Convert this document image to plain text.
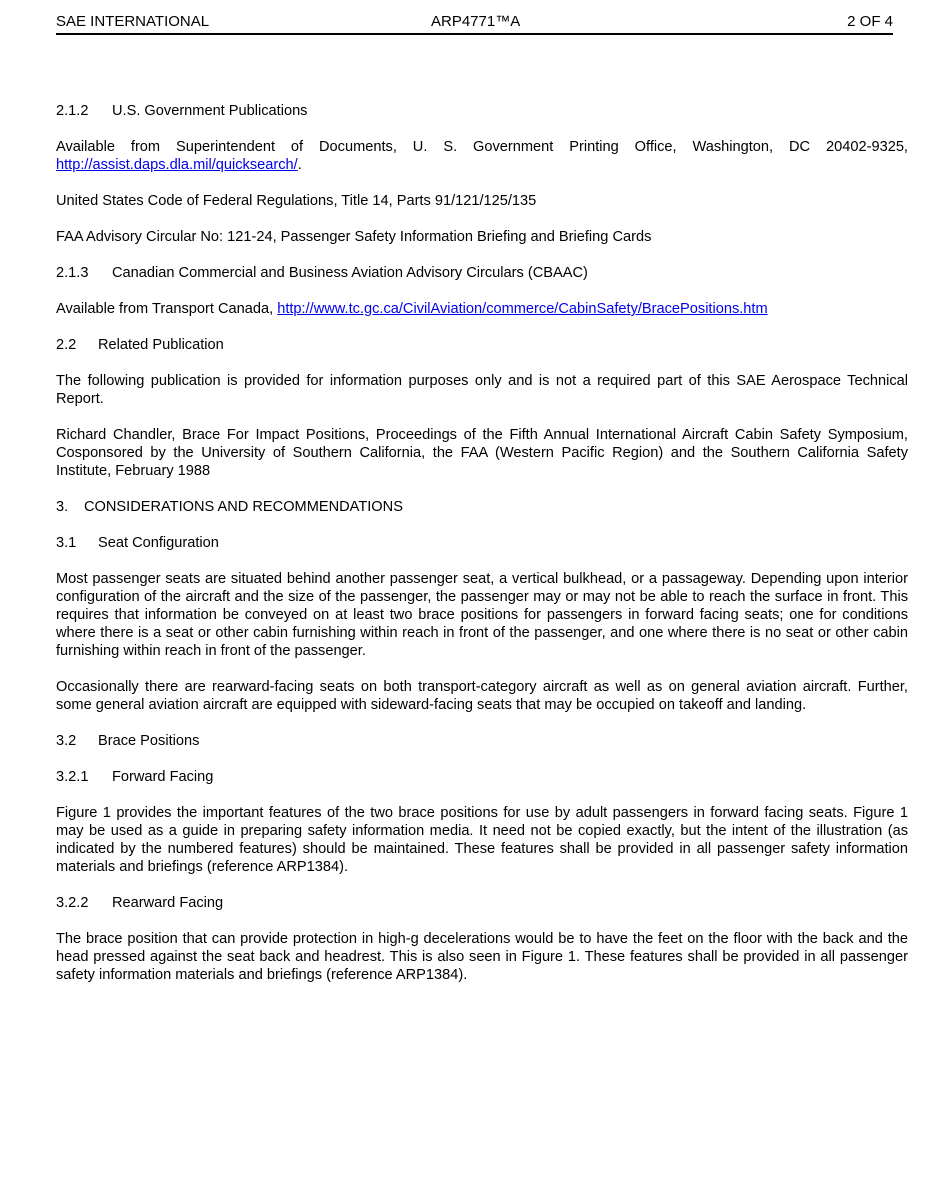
SAE INTERNATIONAL	ARP4771™A	2 OF 4

2.1.2 U.S. Government Publications

Available from Superintendent of Documents, U. S. Government Printing Office, Washington, DC 20402-9325, http://assist.daps.dla.mil/quicksearch/.

United States Code of Federal Regulations, Title 14, Parts 91/121/125/135

FAA Advisory Circular No: 121-24, Passenger Safety Information Briefing and Briefing Cards

2.1.3 Canadian Commercial and Business Aviation Advisory Circulars (CBAAC)

Available from Transport Canada, http://www.tc.gc.ca/CivilAviation/commerce/CabinSafety/BracePositions.htm

2.2 Related Publication

The following publication is provided for information purposes only and is not a required part of this SAE Aerospace Technical Report.

Richard Chandler, Brace For Impact Positions, Proceedings of the Fifth Annual International Aircraft Cabin Safety Symposium, Cosponsored by the University of Southern California, the FAA (Western Pacific Region) and the Southern California Safety Institute, February 1988

3. CONSIDERATIONS AND RECOMMENDATIONS

3.1 Seat Configuration

Most passenger seats are situated behind another passenger seat, a vertical bulkhead, or a passageway. Depending upon interior configuration of the aircraft and the size of the passenger, the passenger may or may not be able to reach the surface in front. This requires that information be conveyed on at least two brace positions for passengers in forward facing seats; one for conditions where there is a seat or other cabin furnishing within reach in front of the passenger, and one where there is no seat or other cabin furnishing within reach in front of the passenger.

Occasionally there are rearward-facing seats on both transport-category aircraft as well as on general aviation aircraft. Further, some general aviation aircraft are equipped with sideward-facing seats that may be occupied on takeoff and landing.

3.2 Brace Positions

3.2.1 Forward Facing

Figure 1 provides the important features of the two brace positions for use by adult passengers in forward facing seats. Figure 1 may be used as a guide in preparing safety information media. It need not be copied exactly, but the intent of the illustration (as indicated by the numbered features) should be maintained. These features shall be provided in all passenger safety information materials and briefings (reference ARP1384).

3.2.2 Rearward Facing

The brace position that can provide protection in high-g decelerations would be to have the feet on the floor with the back and the head pressed against the seat back and headrest. This is also seen in Figure 1. These features shall be provided in all passenger safety information materials and briefings (reference ARP1384).
